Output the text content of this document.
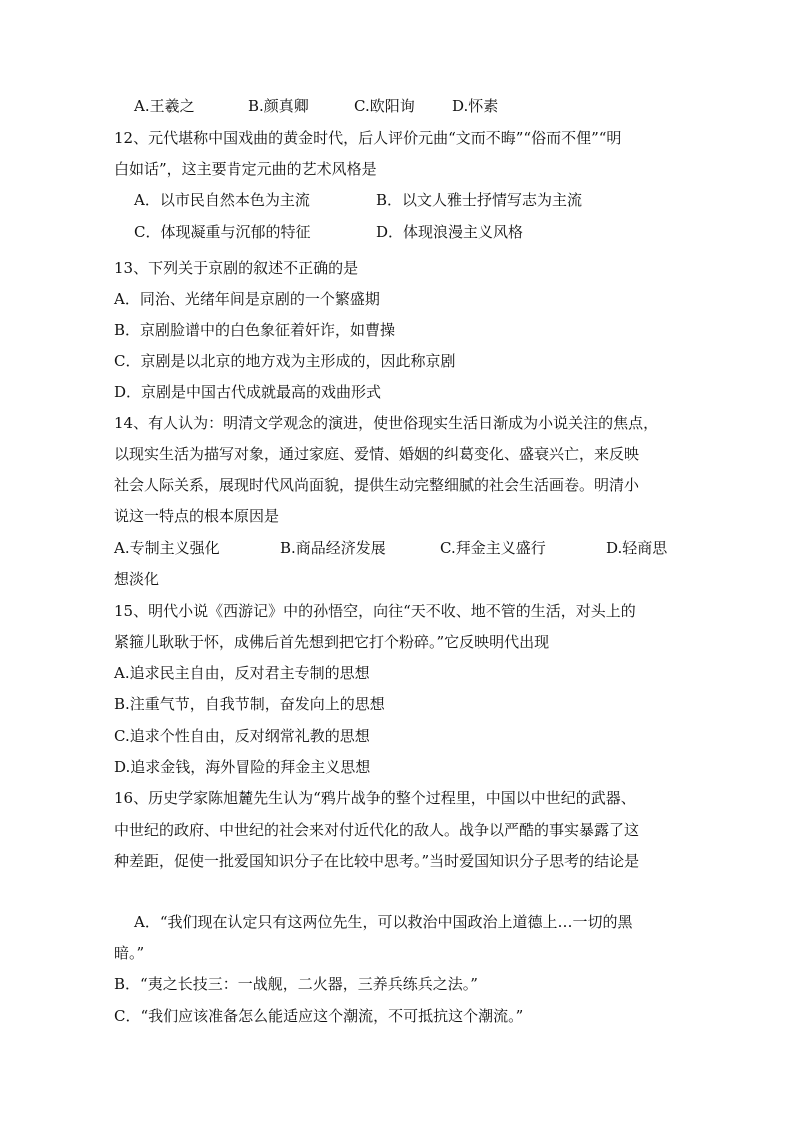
A.王羲之	B.颜真卿	C.欧阳询 D.怀素
12、元代堪称中国戏曲的黄金时代，后人评价元曲“文而不晦”“俗而不俚”“明
白如话”，这主要肯定元曲的艺术风格是
A．以市民自然本色为主流	B．以文人雅士抒情写志为主流
C．体现凝重与沉郁的特征	D．体现浪漫主义风格
13、下列关于京剧的叙述不正确的是
A．同治、光绪年间是京剧的一个繁盛期
B．京剧脸谱中的白色象征着奸诈，如曹操
C．京剧是以北京的地方戏为主形成的，因此称京剧
D．京剧是中国古代成就最高的戏曲形式
14、有人认为：明清文学观念的演进，使世俗现实生活日渐成为小说关注的焦点，
以现实生活为描写对象，通过家庭、爱情、婚姻的纠葛变化、盛衰兴亡，来反映
社会人际关系，展现时代风尚面貌，提供生动完整细腻的社会生活画卷。明清小
说这一特点的根本原因是
A.专制主义强化	B.商品经济发展	C.拜金主义盛行	D.轻商思
想淡化
15、明代小说《西游记》中的孙悟空，向往“天不收、地不管的生活，对头上的
紧箍儿耿耿于怀，成佛后首先想到把它打个粉碎。”它反映明代出现
A.追求民主自由，反对君主专制的思想
B.注重气节，自我节制，奋发向上的思想
C.追求个性自由，反对纲常礼教的思想
D.追求金钱，海外冒险的拜金主义思想
16、历史学家陈旭麓先生认为“鸦片战争的整个过程里，中国以中世纪的武器、
中世纪的政府、中世纪的社会来对付近代化的敌人。战争以严酷的事实暴露了这
种差距，促使一批爱国知识分子在比较中思考。”当时爱国知识分子思考的结论是
A．“我们现在认定只有这两位先生，可以救治中国政治上道德上…一切的黑
暗。”
B．“夷之长技三：一战舰，二火器，三养兵练兵之法。”
C．“我们应该准备怎么能适应这个潮流，不可抵抗这个潮流。”
